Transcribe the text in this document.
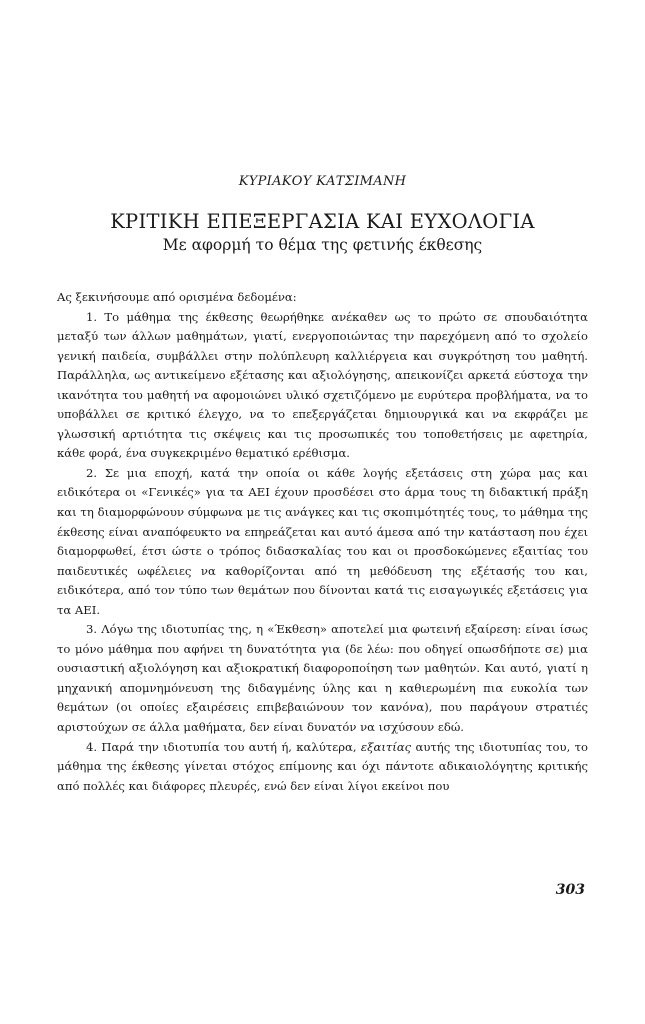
ΚΥΡΙΑΚΟΥ ΚΑΤΣΙΜΑΝΗ
ΚΡΙΤΙΚΗ ΕΠΕΞΕΡΓΑΣΙΑ ΚΑΙ ΕΥΧΟΛΟΓΙΑ
Με αφορμή το θέμα της φετινής έκθεσης

Ας ξεκινήσουμε από ορισμένα δεδομένα:

1. Το μάθημα της έκθεσης θεωρήθηκε ανέκαθεν ως το πρώτο σε σπουδαιότητα μεταξύ των άλλων μαθημάτων, γιατί, ενεργοποιώντας την παρεχόμενη από το σχολείο γενική παιδεία, συμβάλλει στην πολύπλευρη καλλιέργεια και συγκρότηση του μαθητή. Παράλληλα, ως αντικείμενο εξέτασης και αξιολόγησης, απεικονίζει αρκετά εύστοχα την ικανότητα του μαθητή να αφομοιώνει υλικό σχετιζόμενο με ευρύτερα προβλήματα, να το υποβάλλει σε κριτικό έλεγχο, να το επεξεργάζεται δημιουργικά και να εκφράζει με γλωσσική αρτιότητα τις σκέψεις και τις προσωπικές του τοποθετήσεις με αφετηρία, κάθε φορά, ένα συγκεκριμένο θεματικό ερέθισμα.

2. Σε μια εποχή, κατά την οποία οι κάθε λογής εξετάσεις στη χώρα μας και ειδικότερα οι «Γενικές» για τα ΑΕΙ έχουν προσδέσει στο άρμα τους τη διδακτική πράξη και τη διαμορφώνουν σύμφωνα με τις ανάγκες και τις σκοπιμότητές τους, το μάθημα της έκθεσης είναι αναπόφευκτο να επηρεάζεται και αυτό άμεσα από την κατάσταση που έχει διαμορφωθεί, έτσι ώστε ο τρόπος διδασκαλίας του και οι προσδοκώμενες εξαιτίας του παιδευτικές ωφέλειες να καθορίζονται από τη μεθόδευση της εξέτασής του και, ειδικότερα, από τον τύπο των θεμάτων που δίνονται κατά τις εισαγωγικές εξετάσεις για τα ΑΕΙ.

3. Λόγω της ιδιοτυπίας της, η «Έκθεση» αποτελεί μια φωτεινή εξαίρεση: είναι ίσως το μόνο μάθημα που αφήνει τη δυνατότητα για (δε λέω: που οδηγεί οπωσδήποτε σε) μια ουσιαστική αξιολόγηση και αξιοκρατική διαφοροποίηση των μαθητών. Και αυτό, γιατί η μηχανική απομνημόνευση της διδαγμένης ύλης και η καθιερωμένη πια ευκολία των θεμάτων (οι οποίες εξαιρέσεις επιβεβαιώνουν τον κανόνα), που παράγουν στρατιές αριστούχων σε άλλα μαθήματα, δεν είναι δυνατόν να ισχύσουν εδώ.

4. Παρά την ιδιοτυπία του αυτή ή, καλύτερα, εξαιτίας αυτής της ιδιοτυπίας του, το μάθημα της έκθεσης γίνεται στόχος επίμονης και όχι πάντοτε αδικαιολόγητης κριτικής από πολλές και διάφορες πλευρές, ενώ δεν είναι λίγοι εκείνοι που

303
